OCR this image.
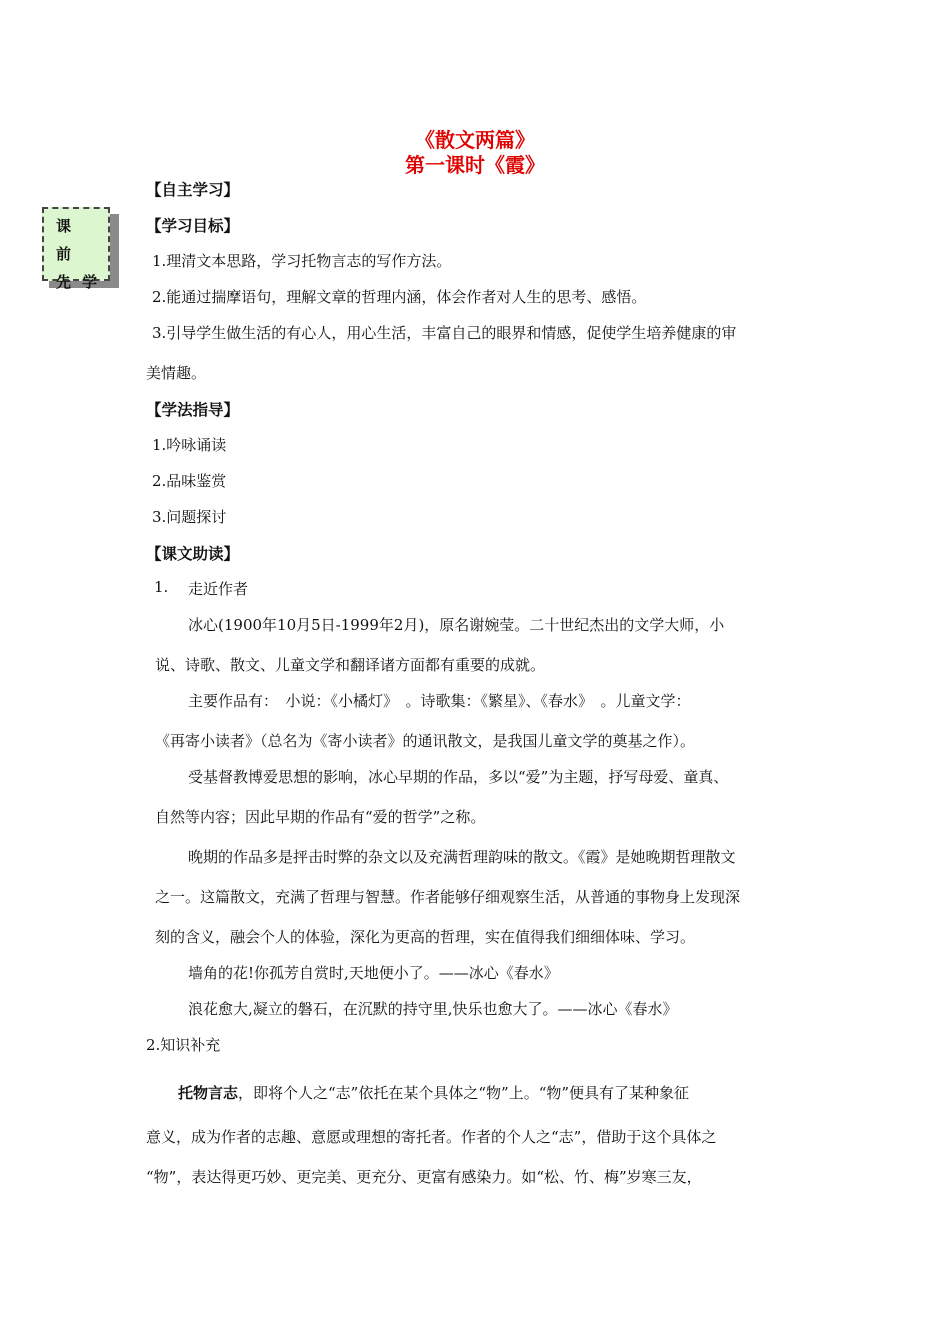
《散文两篇》
第一课时《霞》
课
前
先 学
【自主学习】
【学习目标】
1.理清文本思路，学习托物言志的写作方法。
2.能通过揣摩语句，理解文章的哲理内涵，体会作者对人生的思考、感悟。
3.引导学生做生活的有心人，用心生活，丰富自己的眼界和情感，促使学生培养健康的审
美情趣。
【学法指导】
1.吟咏诵读
2.品味鉴赏
3.问题探讨
【课文助读】
1. 走近作者
冰心(1900年10月5日-1999年2月)，原名谢婉莹。二十世纪杰出的文学大师，小
说、诗歌、散文、儿童文学和翻译诸方面都有重要的成就。
主要作品有：　小说：《小橘灯》　。诗歌集：《繁星》、《春水》　。儿童文学：
《再寄小读者》（总名为《寄小读者》的通讯散文，是我国儿童文学的奠基之作）。
受基督教博爱思想的影响，冰心早期的作品，多以“爱”为主题，抒写母爱、童真、
自然等内容；因此早期的作品有“爱的哲学”之称。
晚期的作品多是抨击时弊的杂文以及充满哲理韵味的散文。《霞》是她晚期哲理散文
之一。这篇散文，充满了哲理与智慧。作者能够仔细观察生活，从普通的事物身上发现深
刻的含义，融会个人的体验，深化为更高的哲理，实在值得我们细细体味、学习。
墙角的花!你孤芳自赏时,天地便小了。——冰心《春水》
浪花愈大,凝立的磐石，在沉默的持守里,快乐也愈大了。——冰心《春水》
2.知识补充
托物言志，即将个人之“志”依托在某个具体之“物”上。“物”便具有了某种象征
意义，成为作者的志趣、意愿或理想的寄托者。作者的个人之“志”，借助于这个具体之
“物”，表达得更巧妙、更完美、更充分、更富有感染力。如“松、竹、梅”岁寒三友，
